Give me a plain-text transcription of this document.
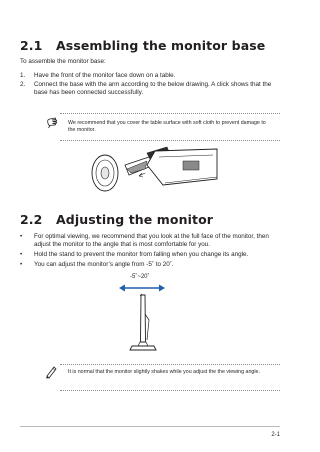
2.1 Assembling the monitor base
To assemble the monitor base:
1. Have the front of the monitor face down on a table.
2. Connect the base with the arm according to the below drawing. A click shows that the base has been connected successfully.
We recommend that you cover the table surface with soft cloth to prevent damage to the monitor.
2.2 Adjusting the monitor
• For optimal viewing, we recommend that you look at the full face of the monitor, then adjust the monitor to the angle that is most comfortable for you.
• Hold the stand to prevent the monitor from falling when you change its angle.
• You can adjust the monitor’s angle from -5˚ to 20˚.
-5˚~20˚
It is normal that the monitor slightly shakes while you adjust the the viewing angle.
2-1
